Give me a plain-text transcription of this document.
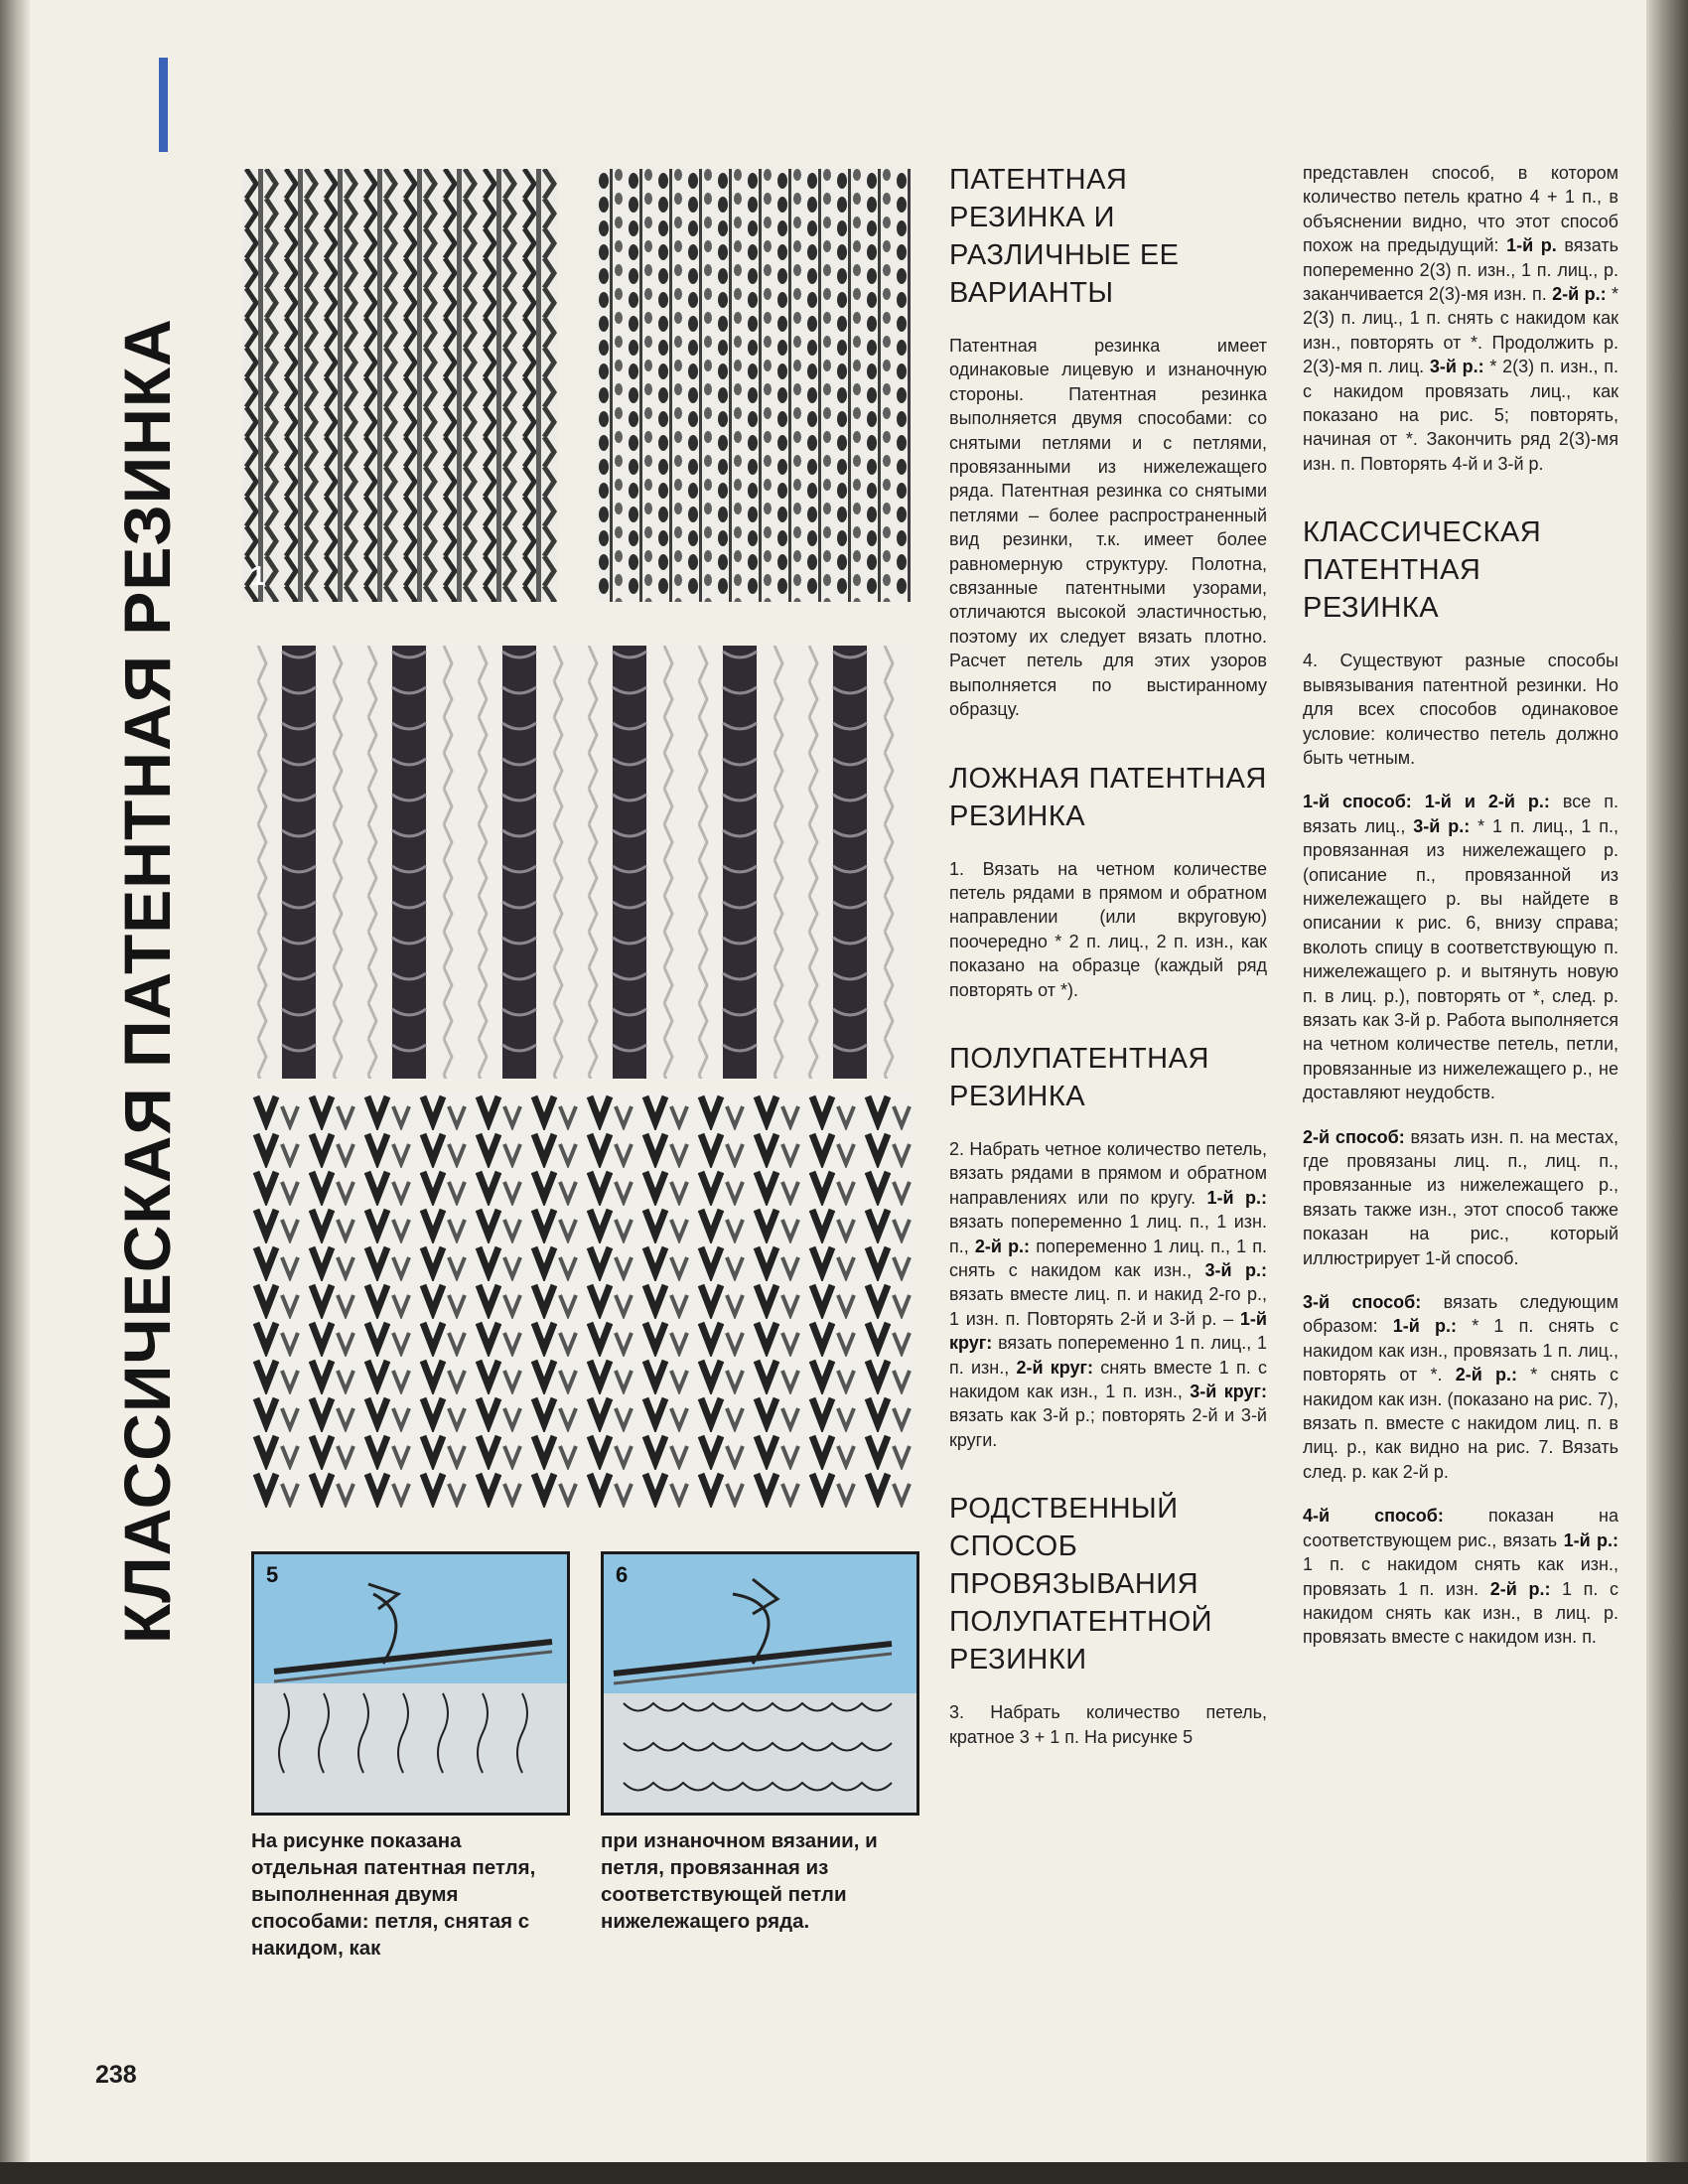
КЛАССИЧЕСКАЯ ПАТЕНТНАЯ РЕЗИНКА 1
5	6

На рисунке показана отдельная патентная петля, выполненная двумя способами: петля, снятая с накидом, как

при изнаночном вязании, и петля, провязанная из соответствующей петли нижележащего ряда.

ПАТЕНТНАЯ РЕЗИНКА И РАЗЛИЧНЫЕ ЕЕ ВАРИАНТЫ

Патентная резинка имеет одинаковые лицевую и изнаночную стороны. Патентная резинка выполняется двумя способами: со снятыми петлями и с петлями, провязанными из нижележащего ряда. Патентная резинка со снятыми петлями – более распространенный вид резинки, т.к. имеет более равномерную структуру. Полотна, связанные патентными узорами, отличаются высокой эластичностью, поэтому их следует вязать плотно. Расчет петель для этих узоров выполняется по выстиранному образцу.

ЛОЖНАЯ ПАТЕНТНАЯ РЕЗИНКА

1. Вязать на четном количестве петель рядами в прямом и обратном направлении (или вкруговую) поочередно * 2 п. лиц., 2 п. изн., как показано на образце (каждый ряд повторять от *).

ПОЛУПАТЕНТНАЯ РЕЗИНКА

2. Набрать четное количество петель, вязать рядами в прямом и обратном направлениях или по кругу. 1-й р.: вязать попеременно 1 лиц. п., 1 изн. п., 2-й р.: попеременно 1 лиц. п., 1 п. снять с накидом как изн., 3-й р.: вязать вместе лиц. п. и накид 2-го р., 1 изн. п. Повторять 2-й и 3-й р. – 1-й круг: вязать попеременно 1 п. лиц., 1 п. изн., 2-й круг: снять вместе 1 п. с накидом как изн., 1 п. изн., 3-й круг: вязать как 3-й р.; повторять 2-й и 3-й круги.

РОДСТВЕННЫЙ СПОСОБ ПРОВЯЗЫВАНИЯ ПОЛУПАТЕНТНОЙ РЕЗИНКИ

3. Набрать количество петель, кратное 3 + 1 п. На рисунке 5

представлен способ, в котором количество петель кратно 4 + 1 п., в объяснении видно, что этот способ похож на предыдущий: 1-й р. вязать попеременно 2(3) п. изн., 1 п. лиц., р. заканчивается 2(3)-мя изн. п. 2-й р.: * 2(3) п. лиц., 1 п. снять с накидом как изн., повторять от *. Продолжить р. 2(3)-мя п. лиц. 3-й р.: * 2(3) п. изн., п. с накидом провязать лиц., как показано на рис. 5; повторять, начиная от *. Закончить ряд 2(3)-мя изн. п. Повторять 4-й и 3-й р.

КЛАССИЧЕСКАЯ ПАТЕНТНАЯ РЕЗИНКА

4. Существуют разные способы вывязывания патентной резинки. Но для всех способов одинаковое условие: количество петель должно быть четным.

1-й способ: 1-й и 2-й р.: все п. вязать лиц., 3-й р.: * 1 п. лиц., 1 п., провязанная из нижележащего р. (описание п., провязанной из нижележащего р. вы найдете в описании к рис. 6, внизу справа; вколоть спицу в соответствующую п. нижележащего р. и вытянуть новую п. в лиц. р.), повторять от *, след. р. вязать как 3-й р. Работа выполняется на четном количестве петель, петли, провязанные из нижележащего р., не доставляют неудобств.

2-й способ: вязать изн. п. на местах, где провязаны лиц. п., лиц. п., провязанные из нижележащего р., вязать также изн., этот способ также показан на рис., который иллюстрирует 1-й способ.

3-й способ: вязать следующим образом: 1-й р.: * 1 п. снять с накидом как изн., провязать 1 п. лиц., повторять от *. 2-й р.: * снять с накидом как изн. (показано на рис. 7), вязать п. вместе с накидом лиц. п. в лиц. р., как видно на рис. 7. Вязать след. р. как 2-й р.

4-й способ:	показан на соответствующем рис., вязать 1-й р.: 1 п. с накидом снять как изн., провязать 1 п. изн. 2-й р.: 1 п. с накидом снять как изн., в лиц. р. провязать вместе с накидом изн. п.

238
